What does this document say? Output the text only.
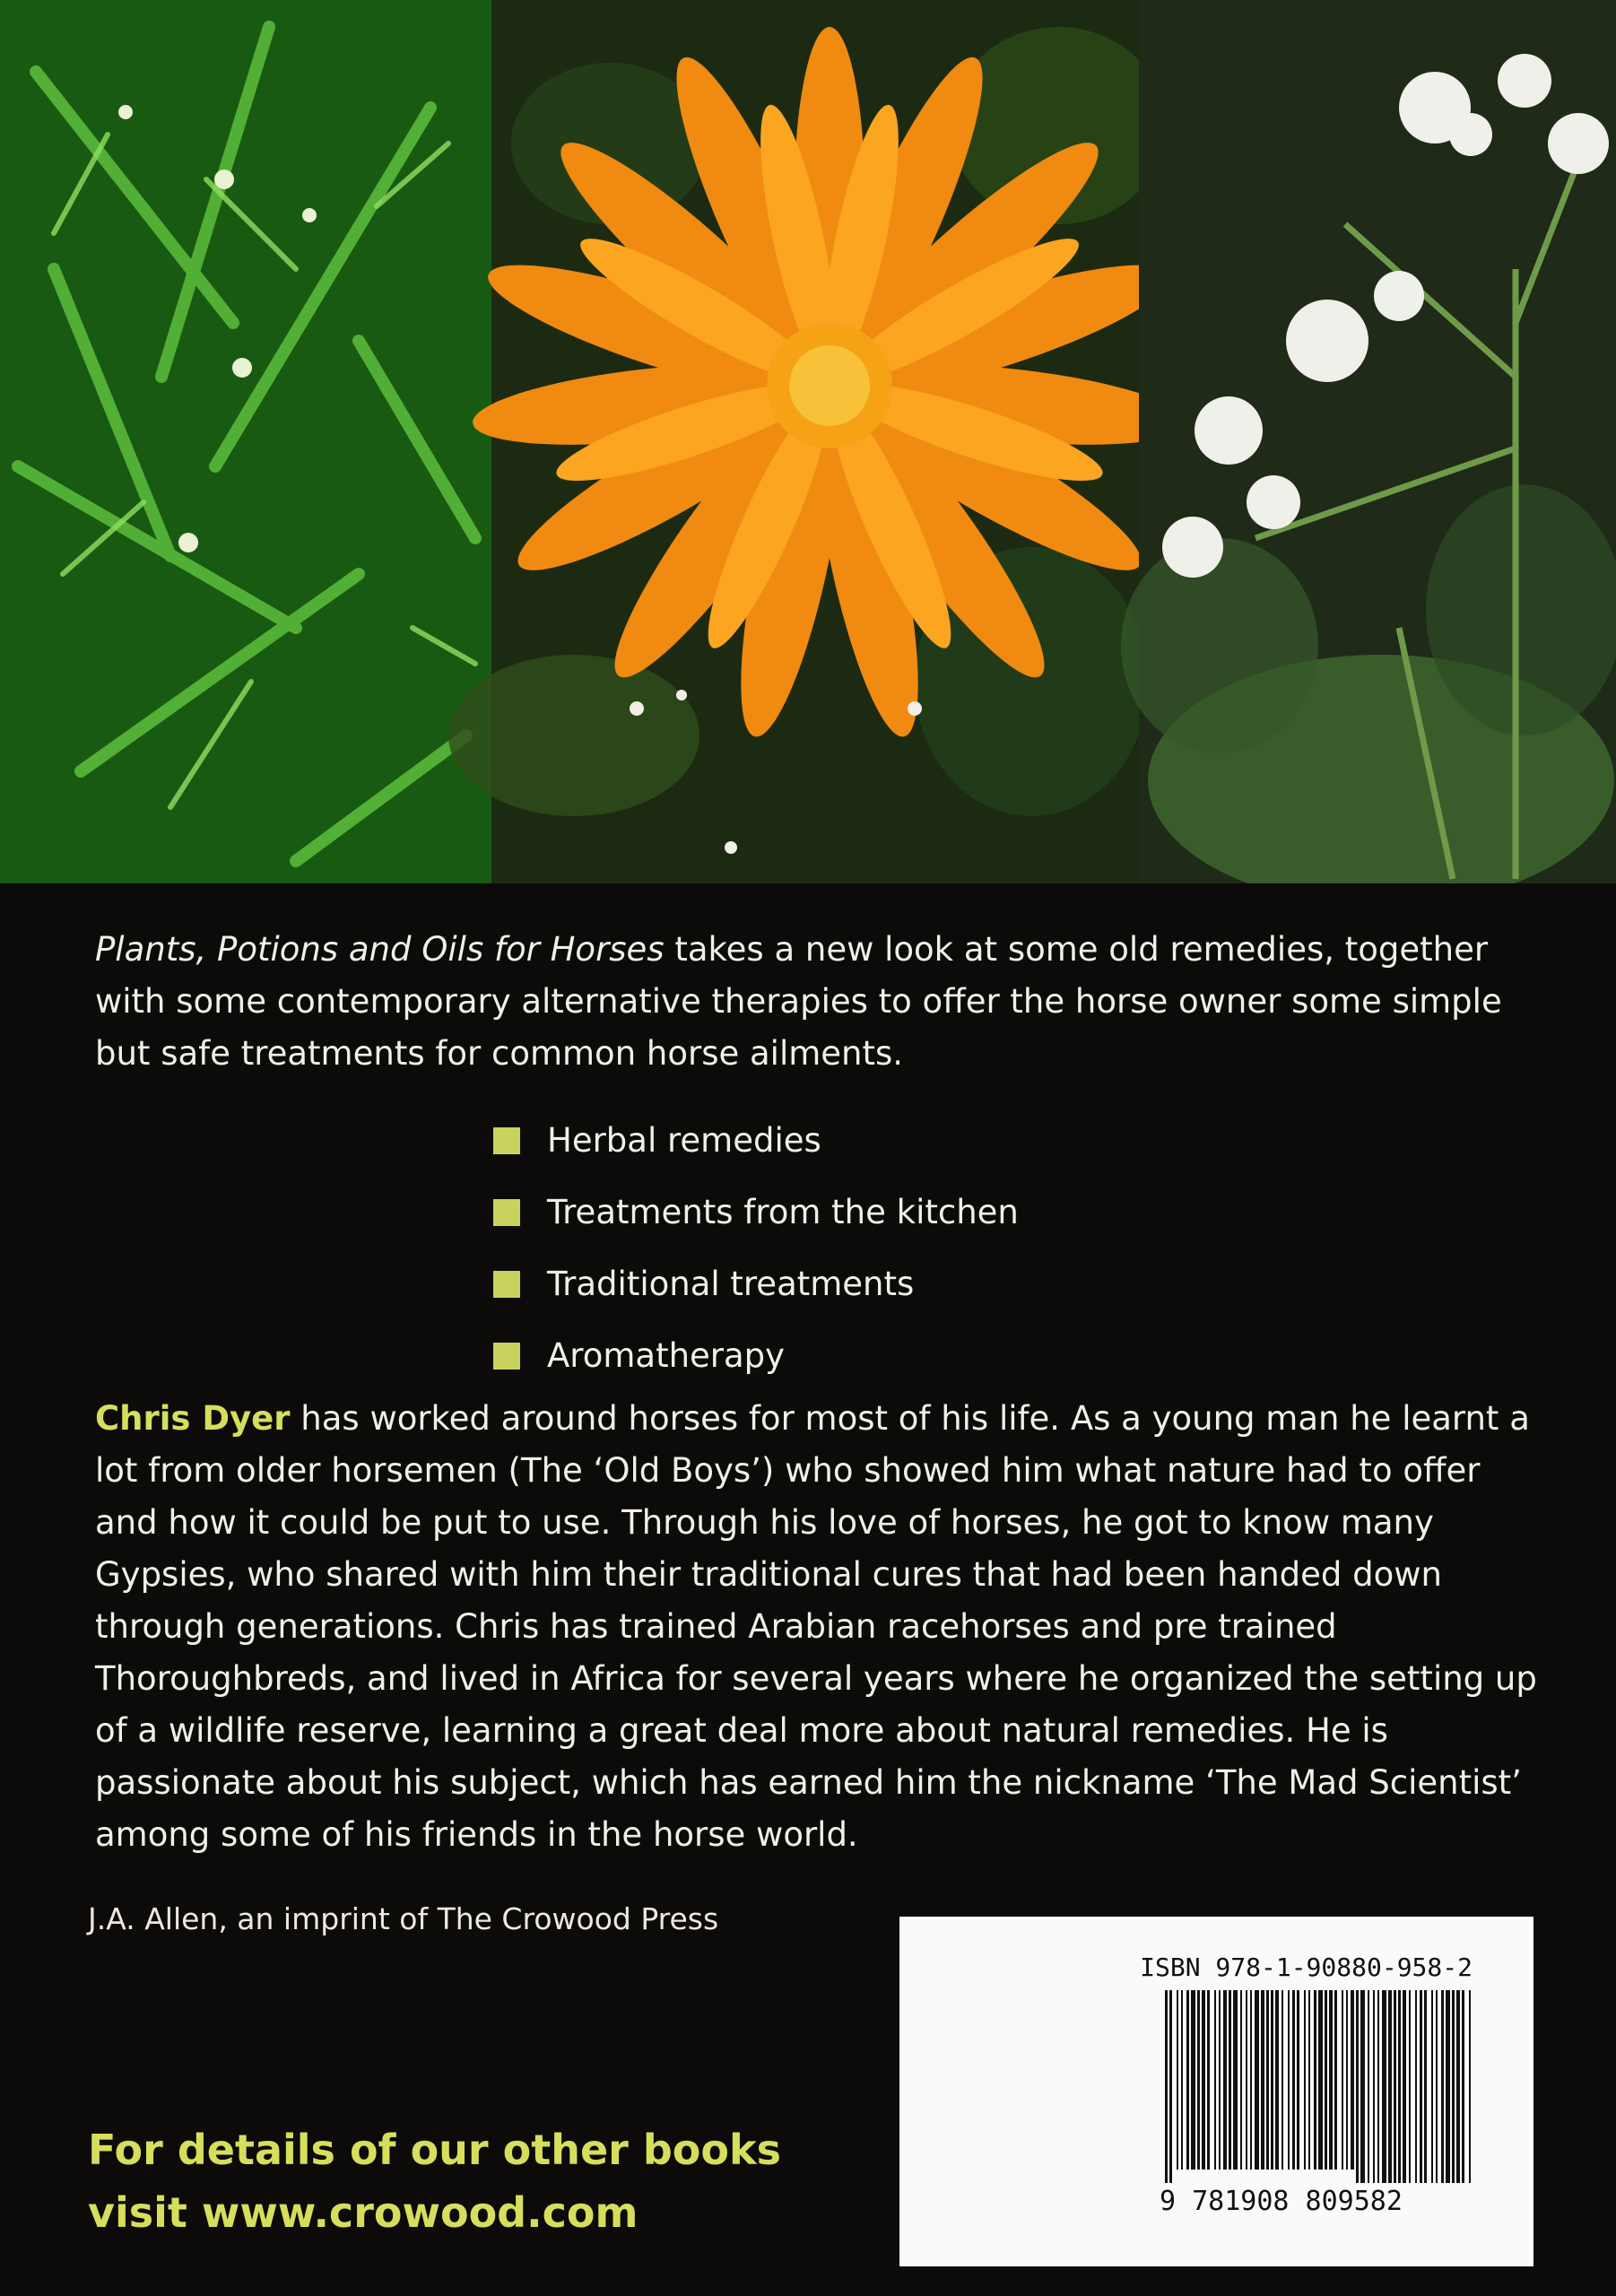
Plants, Potions and Oils for Horses takes a new look at some old remedies, together with some contemporary alternative therapies to offer the horse owner some simple but safe treatments for common horse ailments.

Herbal remedies
Treatments from the kitchen
Traditional treatments
Aromatherapy

Chris Dyer has worked around horses for most of his life. As a young man he learnt a lot from older horsemen (The ‘Old Boys’) who showed him what nature had to offer and how it could be put to use. Through his love of horses, he got to know many Gypsies, who shared with him their traditional cures that had been handed down through generations. Chris has trained Arabian racehorses and pre trained Thoroughbreds, and lived in Africa for several years where he organized the setting up of a wildlife reserve, learning a great deal more about natural remedies. He is passionate about his subject, which has earned him the nickname ‘The Mad Scientist’ among some of his friends in the horse world.

J.A. Allen, an imprint of The Crowood Press
ISBN 978-1-90880-958-2
9 781908 809582

For details of our other books
visit www.crowood.com
